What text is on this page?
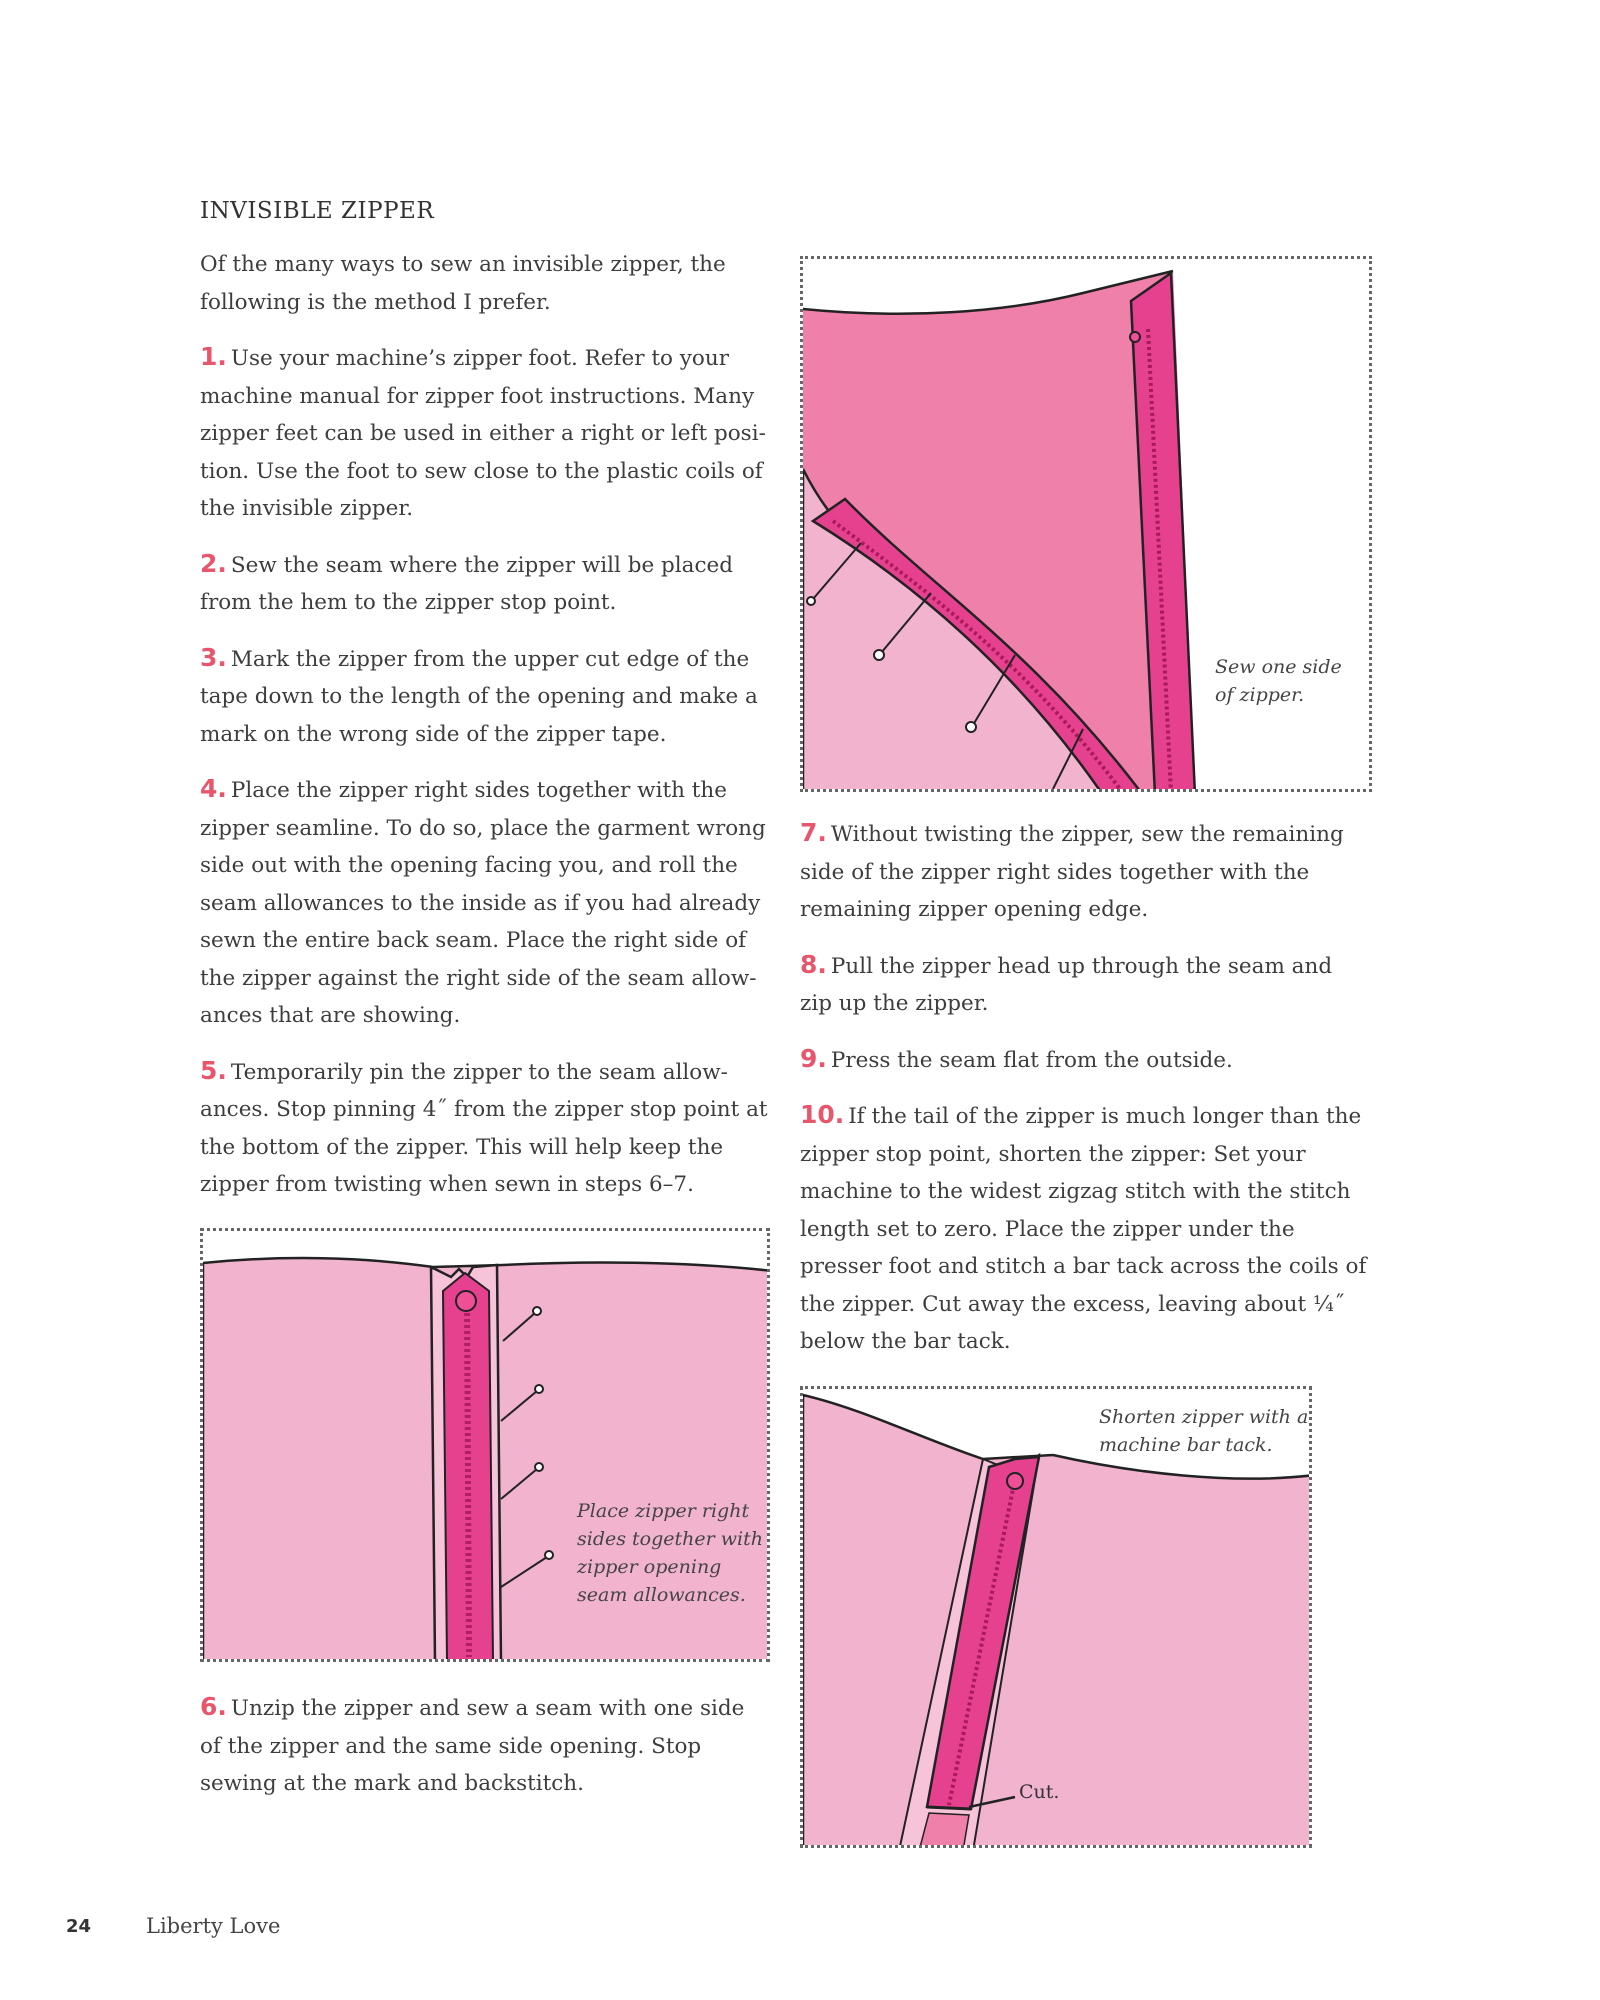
INVISIBLE ZIPPER

Of the many ways to sew an invisible zipper, the following is the method I prefer.

1. Use your machine’s zipper foot. Refer to your machine manual for zipper foot instructions. Many zipper feet can be used in either a right or left position. Use the foot to sew close to the plastic coils of the invisible zipper.

2. Sew the seam where the zipper will be placed from the hem to the zipper stop point.

3. Mark the zipper from the upper cut edge of the tape down to the length of the opening and make a mark on the wrong side of the zipper tape.

4. Place the zipper right sides together with the zipper seamline. To do so, place the garment wrong side out with the opening facing you, and roll the seam allowances to the inside as if you had already sewn the entire back seam. Place the right side of the zipper against the right side of the seam allowances that are showing.

5. Temporarily pin the zipper to the seam allowances. Stop pinning 4˝ from the zipper stop point at the bottom of the zipper. This will help keep the zipper from twisting when sewn in steps 6–7.

Place zipper right sides together with zipper opening seam allowances.

6. Unzip the zipper and sew a seam with one side of the zipper and the same side opening. Stop sewing at the mark and backstitch.

Sew one side of zipper.

7. Without twisting the zipper, sew the remaining side of the zipper right sides together with the remaining zipper opening edge.

8. Pull the zipper head up through the seam and zip up the zipper.

9. Press the seam flat from the outside.

10. If the tail of the zipper is much longer than the zipper stop point, shorten the zipper: Set your machine to the widest zigzag stitch with the stitch length set to zero. Place the zipper under the presser foot and stitch a bar tack across the coils of the zipper. Cut away the excess, leaving about ¼˝ below the bar tack.

Shorten zipper with a machine bar tack.
Cut.
24	Liberty Love
